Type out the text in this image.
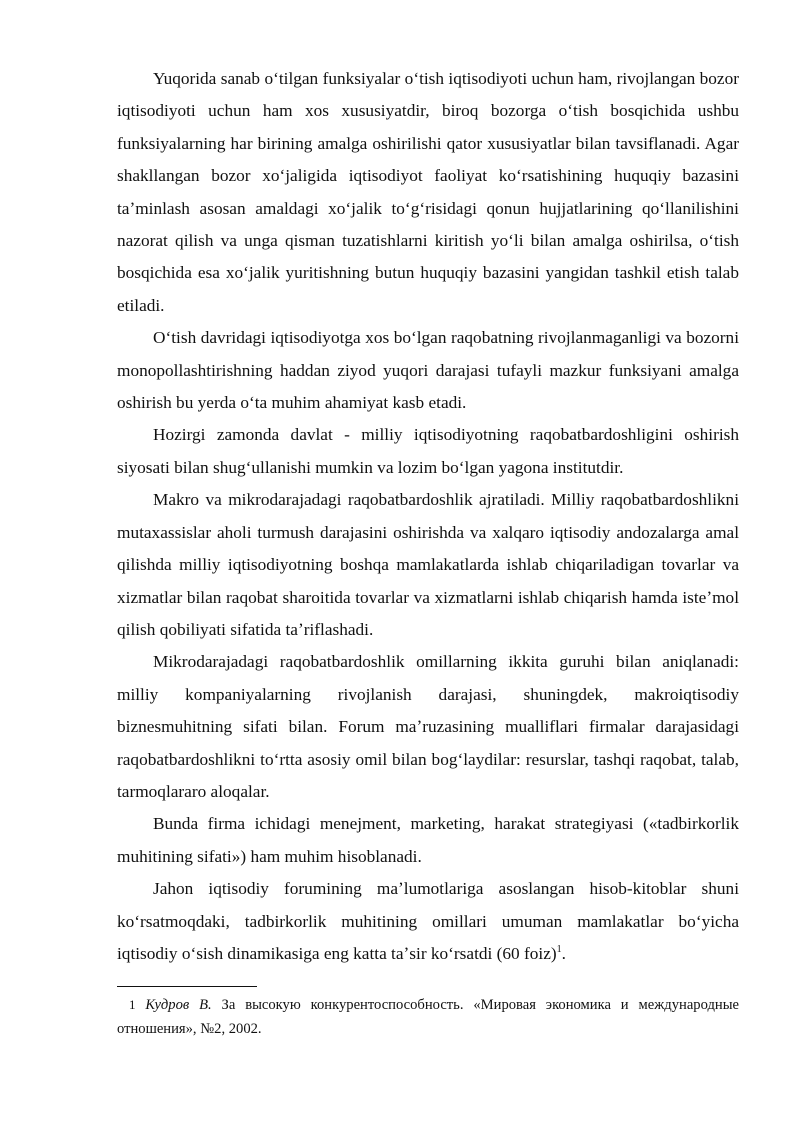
Yuqorida sanab oʻtilgan funksiyalar oʻtish iqtisodiyoti uchun ham, rivojlangan bozor iqtisodiyoti uchun ham xos xususiyatdir, biroq bozorga oʻtish bosqichida ushbu funksiyalarning har birining amalga oshirilishi qator xususiyatlar bilan tavsiflanadi. Agar shakllangan bozor xoʻjaligida iqtisodiyot faoliyat koʻrsatishining huquqiy bazasini taʼminlash asosan amaldagi xoʻjalik toʻgʻrisidagi qonun hujjatlarining qoʻllanilishini nazorat qilish va unga qisman tuzatishlarni kiritish yoʻli bilan amalga oshirilsa, oʻtish bosqichida esa xoʻjalik yuritishning butun huquqiy bazasini yangidan tashkil etish talab etiladi.

Oʻtish davridagi iqtisodiyotga xos boʻlgan raqobatning rivojlanmaganligi va bozorni monopollashtirishning haddan ziyod yuqori darajasi tufayli mazkur funksiyani amalga oshirish bu yerda oʻta muhim ahamiyat kasb etadi.

Hozirgi zamonda davlat - milliy iqtisodiyotning raqobatbardoshligini oshirish siyosati bilan shugʻullanishi mumkin va lozim boʻlgan yagona institutdir.

Makro va mikrodarajadagi raqobatbardoshlik ajratiladi. Milliy raqobatbardoshlikni mutaxassislar aholi turmush darajasini oshirishda va xalqaro iqtisodiy andozalarga amal qilishda milliy iqtisodiyotning boshqa mamlakatlarda ishlab chiqariladigan tovarlar va xizmatlar bilan raqobat sharoitida tovarlar va xizmatlarni ishlab chiqarish hamda isteʼmol qilish qobiliyati sifatida taʼriflashadi.

Mikrodarajadagi raqobatbardoshlik omillarning ikkita guruhi bilan aniqlanadi: milliy kompaniyalarning rivojlanish darajasi, shuningdek, makroiqtisodiy biznesmuhitning sifati bilan. Forum maʼruzasining mualliflari firmalar darajasidagi raqobatbardoshlikni toʻrtta asosiy omil bilan bogʻlaydilar: resurslar, tashqi raqobat, talab, tarmoqlararo aloqalar.

Bunda firma ichidagi menejment, marketing, harakat strategiyasi («tadbirkorlik muhitining sifati») ham muhim hisoblanadi.

Jahon iqtisodiy forumining maʼlumotlariga asoslangan hisob-kitoblar shuni koʻrsatmoqdaki, tadbirkorlik muhitining omillari umuman mamlakatlar boʻyicha iqtisodiy oʻsish dinamikasiga eng katta taʼsir koʻrsatdi (60 foiz)$^1$.

1 Кудров В. За высокую конкурентоспособность. «Мировая экономика и международные отношения», №2, 2002.
